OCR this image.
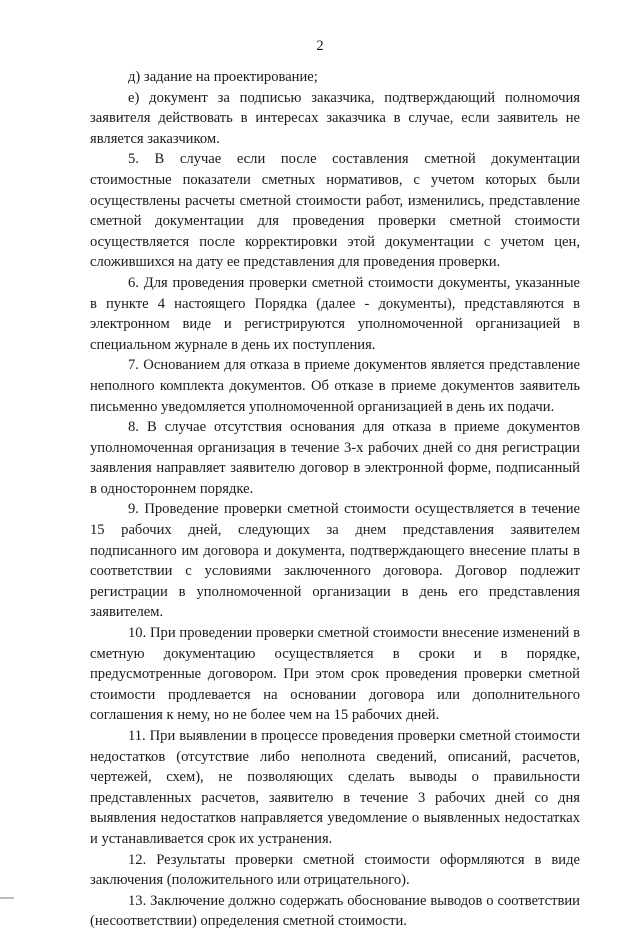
2

д) задание на проектирование;

е) документ за подписью заказчика, подтверждающий полномочия заявителя действовать в интересах заказчика в случае, если заявитель не является заказчиком.

5. В случае если после составления сметной документации стоимостные показатели сметных нормативов, с учетом которых были осуществлены расчеты сметной стоимости работ, изменились, представление сметной документации для проведения проверки сметной стоимости осуществляется после корректировки этой документации с учетом цен, сложившихся на дату ее представления для проведения проверки.

6. Для проведения проверки сметной стоимости документы, указанные в пункте 4 настоящего Порядка (далее - документы), представляются в электронном виде и регистрируются уполномоченной организацией в специальном журнале в день их поступления.

7. Основанием для отказа в приеме документов является представление неполного комплекта документов. Об отказе в приеме документов заявитель письменно уведомляется уполномоченной организацией в день их подачи.

8. В случае отсутствия основания для отказа в приеме документов уполномоченная организация в течение 3-х рабочих дней со дня регистрации заявления направляет заявителю договор в электронной форме, подписанный в одностороннем порядке.

9. Проведение проверки сметной стоимости осуществляется в течение 15 рабочих дней, следующих за днем представления заявителем подписанного им договора и документа, подтверждающего внесение платы в соответствии с условиями заключенного договора. Договор подлежит регистрации в уполномоченной организации в день его представления заявителем.

10. При проведении проверки сметной стоимости внесение изменений в сметную документацию осуществляется в сроки и в порядке, предусмотренные договором. При этом срок проведения проверки сметной стоимости продлевается на основании договора или дополнительного соглашения к нему, но не более чем на 15 рабочих дней.

11. При выявлении в процессе проведения проверки сметной стоимости недостатков (отсутствие либо неполнота сведений, описаний, расчетов, чертежей, схем), не позволяющих сделать выводы о правильности представленных расчетов, заявителю в течение 3 рабочих дней со дня выявления недостатков направляется уведомление о выявленных недостатках и устанавливается срок их устранения.

12. Результаты проверки сметной стоимости оформляются в виде заключения (положительного или отрицательного).

13. Заключение должно содержать обоснование выводов о соответствии (несоответствии) определения сметной стоимости.
